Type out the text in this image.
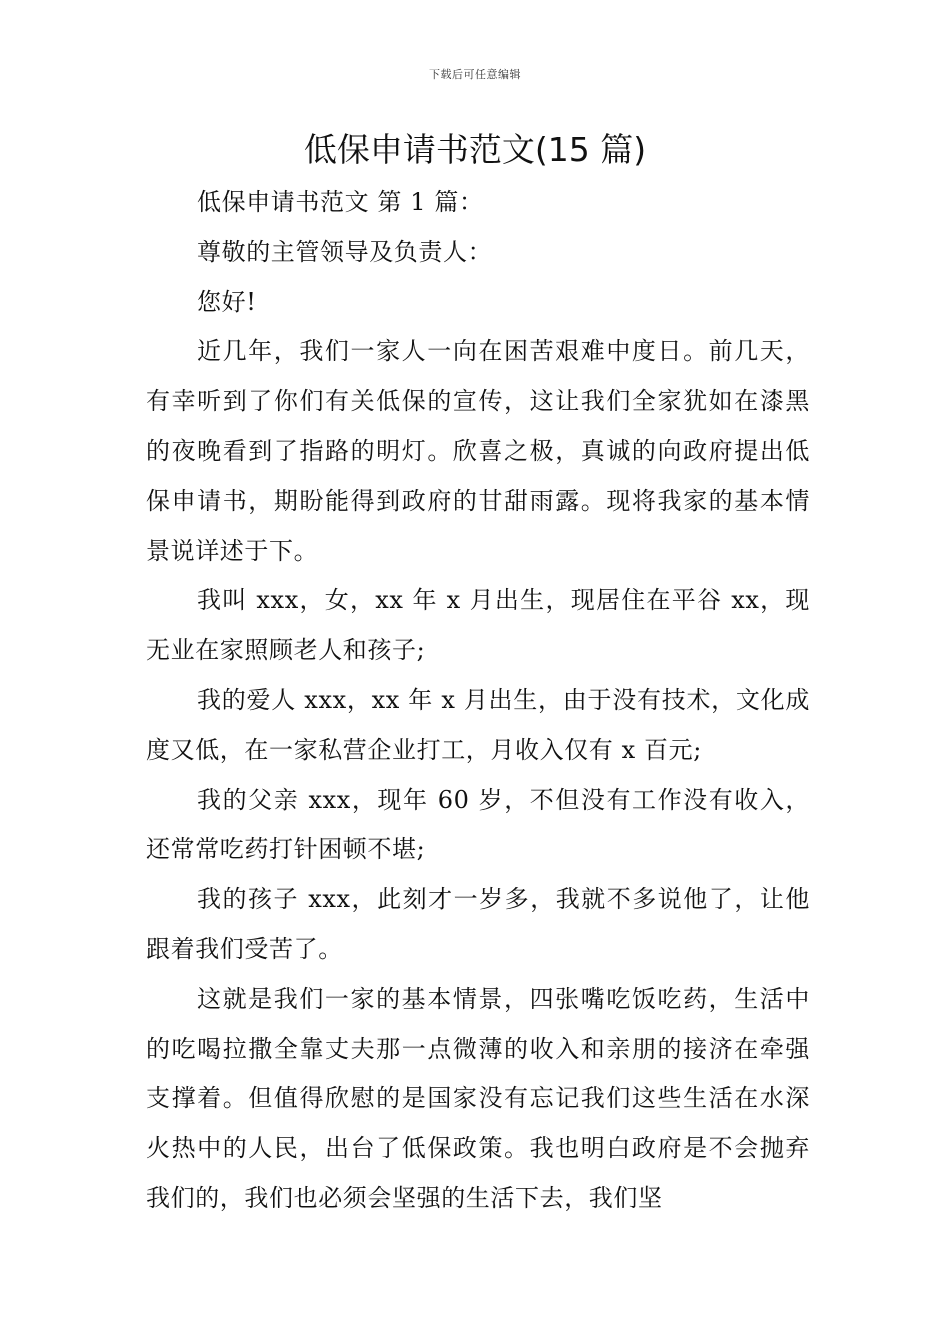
下载后可任意编辑
低保申请书范文(15 篇)

低保申请书范文 第 1 篇：

尊敬的主管领导及负责人：

您好!

近几年，我们一家人一向在困苦艰难中度日。前几天，有幸听到了你们有关低保的宣传，这让我们全家犹如在漆黑的夜晚看到了指路的明灯。欣喜之极，真诚的向政府提出低保申请书，期盼能得到政府的甘甜雨露。现将我家的基本情景说详述于下。

我叫 xxx，女，xx 年 x 月出生，现居住在平谷 xx，现无业在家照顾老人和孩子;

我的爱人 xxx，xx 年 x 月出生，由于没有技术，文化成度又低，在一家私营企业打工，月收入仅有 x 百元;

我的父亲 xxx，现年 60 岁，不但没有工作没有收入，还常常吃药打针困顿不堪;

我的孩子 xxx，此刻才一岁多，我就不多说他了，让他跟着我们受苦了。

这就是我们一家的基本情景，四张嘴吃饭吃药，生活中的吃喝拉撒全靠丈夫那一点微薄的收入和亲朋的接济在牵强支撑着。但值得欣慰的是国家没有忘记我们这些生活在水深火热中的人民，出台了低保政策。我也明白政府是不会抛弃我们的，我们也必须会坚强的生活下去，我们坚
